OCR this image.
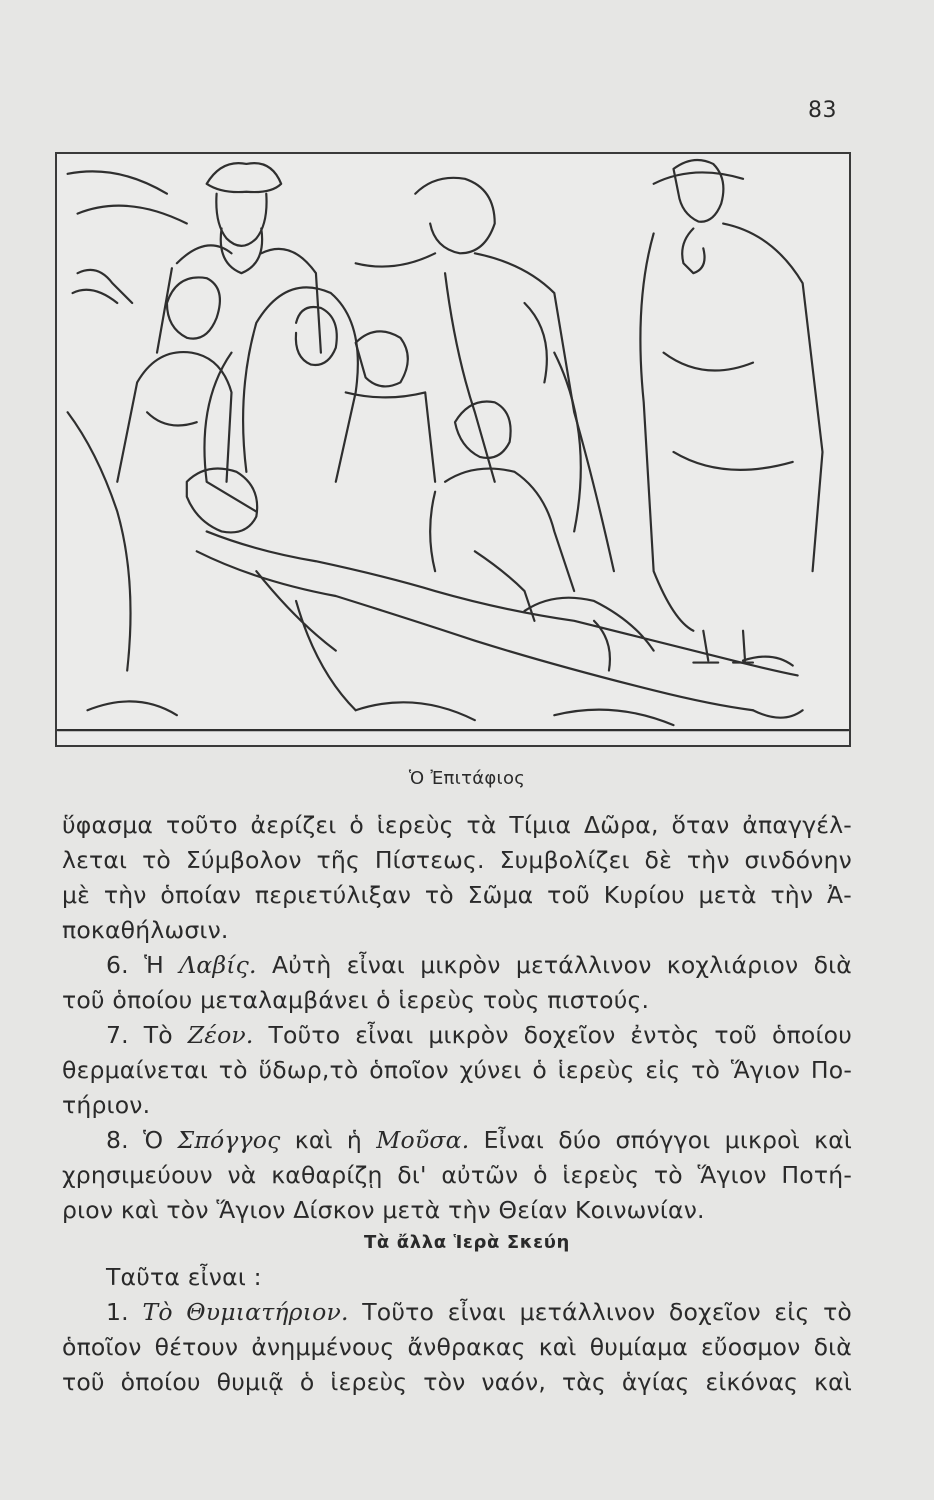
83
Ὁ Ἐπιτάφιος
ὕφασμα τοῦτο ἀερίζει ὁ ἱερεὺς τὰ Τίμια Δῶρα, ὅταν ἀπαγγέλ-
λεται τὸ Σύμβολον τῆς Πίστεως. Συμβολίζει δὲ τὴν σινδόνην
μὲ τὴν ὁποίαν περιετύλιξαν τὸ Σῶμα τοῦ Κυρίου μετὰ τὴν Ἀ-
ποκαθήλωσιν.
6. Ἡ Λαβίς. Αὐτὴ εἶναι μικρὸν μετάλλινον κοχλιάριον διὰ
τοῦ ὁποίου μεταλαμβάνει ὁ ἱερεὺς τοὺς πιστούς.
7. Τὸ Ζέον. Τοῦτο εἶναι μικρὸν δοχεῖον ἐντὸς τοῦ ὁποίου
θερμαίνεται τὸ ὕδωρ,τὸ ὁποῖον χύνει ὁ ἱερεὺς εἰς τὸ Ἅγιον Πο-
τήριον.
8. Ὁ Σπόγγος καὶ ἡ Μοῦσα. Εἶναι δύο σπόγγοι μικροὶ καὶ
χρησιμεύουν νὰ καθαρίζῃ δι' αὐτῶν ὁ ἱερεὺς τὸ Ἅγιον Ποτή-
ριον καὶ τὸν Ἅγιον Δίσκον μετὰ τὴν Θείαν Κοινωνίαν.
Τὰ ἄλλα Ἱερὰ Σκεύη
Ταῦτα εἶναι :
1. Τὸ Θυμιατήριον. Τοῦτο εἶναι μετάλλινον δοχεῖον εἰς τὸ
ὁποῖον θέτουν ἀνημμένους ἄνθρακας καὶ θυμίαμα εὔοσμον διὰ
τοῦ ὁποίου θυμιᾷ ὁ ἱερεὺς τὸν ναόν, τὰς ἁγίας εἰκόνας καὶ
